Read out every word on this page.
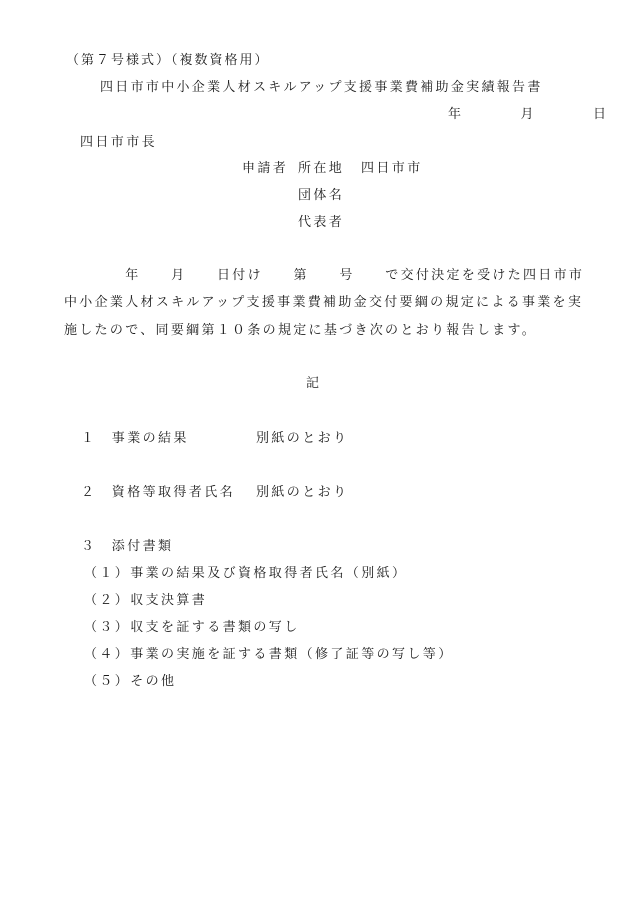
（第７号様式）（複数資格用）
四日市市中小企業人材スキルアップ支援事業費補助金実績報告書
年	月	日
四日市市長
申請者 所在地 四日市市
団体名
代表者
　　　　年　　月　　日付け　　第　　号　　で交付決定を受けた四日市市
中小企業人材スキルアップ支援事業費補助金交付要綱の規定による事業を実
施したので、同要綱第１０条の規定に基づき次のとおり報告します。
記
１　事業の結果	別紙のとおり
２　資格等取得者氏名 別紙のとおり
３　添付書類
（１）事業の結果及び資格取得者氏名（別紙）
（２）収支決算書
（３）収支を証する書類の写し
（４）事業の実施を証する書類（修了証等の写し等）
（５）その他
